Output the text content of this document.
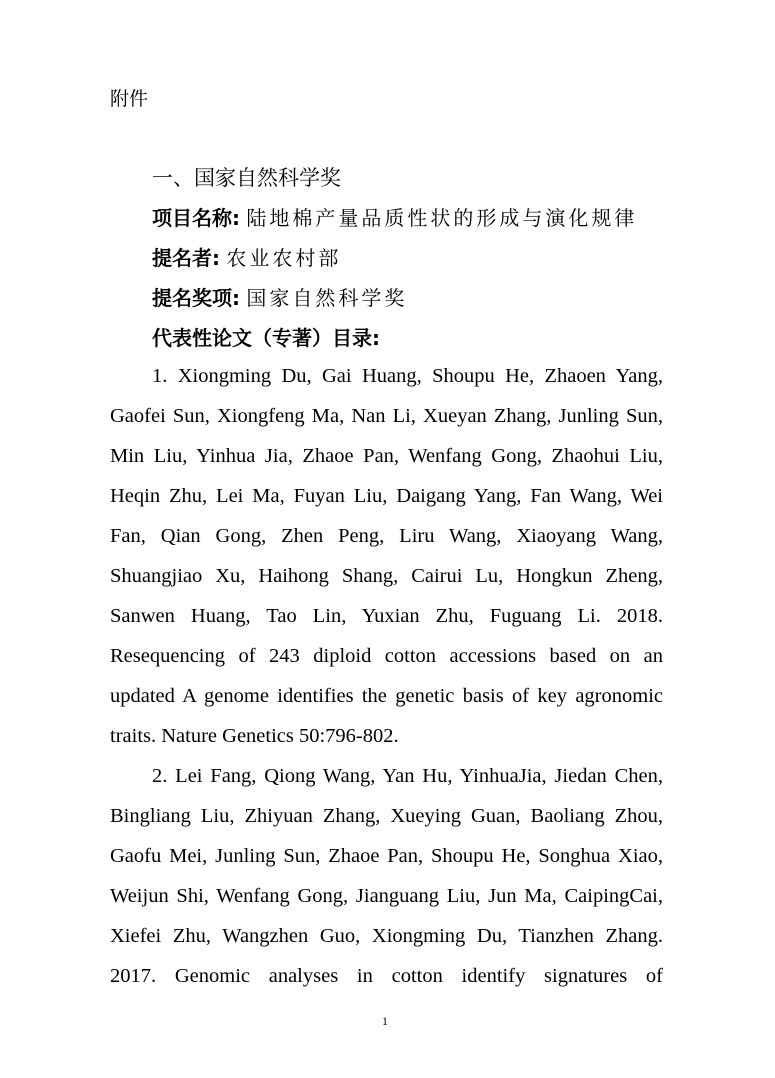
附件
一、国家自然科学奖
项目名称: 陆地棉产量品质性状的形成与演化规律
提名者: 农业农村部
提名奖项: 国家自然科学奖
代表性论文（专著）目录:
1. Xiongming Du, Gai Huang, Shoupu He, Zhaoen Yang,
Gaofei Sun, Xiongfeng Ma, Nan Li, Xueyan Zhang, Junling Sun,
Min Liu, Yinhua Jia, Zhaoe Pan, Wenfang Gong, Zhaohui Liu,
Heqin Zhu, Lei Ma, Fuyan Liu, Daigang Yang, Fan Wang, Wei
Fan, Qian Gong, Zhen Peng, Liru Wang, Xiaoyang Wang,
Shuangjiao Xu, Haihong Shang, Cairui Lu, Hongkun Zheng,
Sanwen Huang, Tao Lin, Yuxian Zhu, Fuguang Li. 2018.
Resequencing of 243 diploid cotton accessions based on an
updated A genome identifies the genetic basis of key agronomic
traits. Nature Genetics 50:796-802.
2. Lei Fang, Qiong Wang, Yan Hu, YinhuaJia, Jiedan Chen,
Bingliang Liu, Zhiyuan Zhang, Xueying Guan, Baoliang Zhou,
Gaofu Mei, Junling Sun, Zhaoe Pan, Shoupu He, Songhua Xiao,
Weijun Shi, Wenfang Gong, Jianguang Liu, Jun Ma, CaipingCai,
Xiefei Zhu, Wangzhen Guo, Xiongming Du, Tianzhen Zhang.
2017. Genomic analyses in cotton identify signatures of
1
